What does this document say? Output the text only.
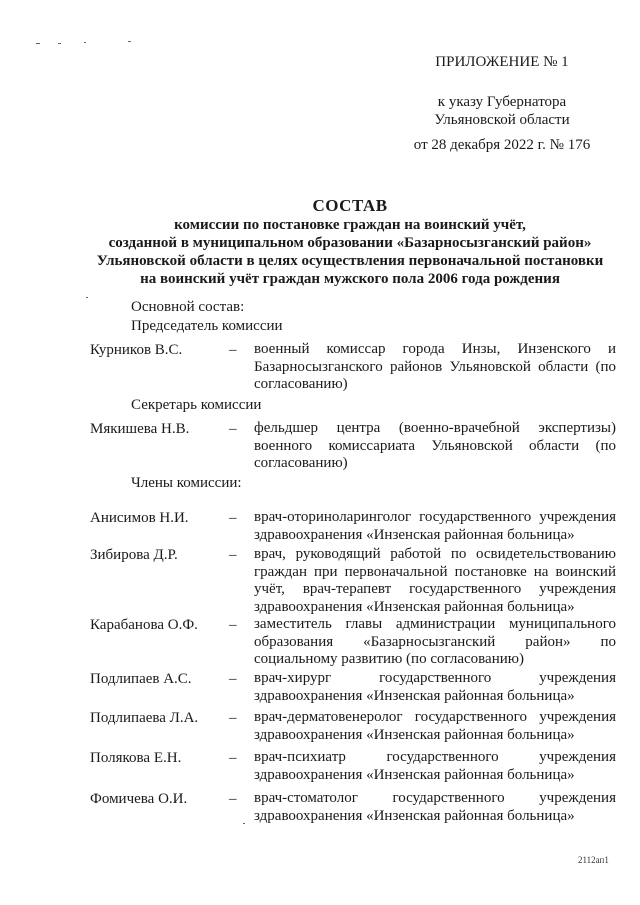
ПРИЛОЖЕНИЕ № 1
к указу Губернатора
Ульяновской области
от 28 декабря 2022 г. № 176
СОСТАВ
комиссии по постановке граждан на воинский учёт,
созданной в муниципальном образовании «Базарносызганский район»
Ульяновской области в целях осуществления первоначальной постановки
на воинский учёт граждан мужского пола 2006 года рождения
Основной состав:
Председатель комиссии
Курников В.С.	– военный комиссар города Инзы, Инзенского и Базарносызганского районов Ульяновской области (по согласованию)
Секретарь комиссии
Мякишева Н.В.	– фельдшер центра (военно-врачебной экспертизы) военного комиссариата Ульяновской области (по согласованию)
Члены комиссии:
Анисимов Н.И.	– врач-оториноларинголог государственного учреждения здравоохранения «Инзенская районная больница»
Зибирова Д.Р.	– врач, руководящий работой по освидетельствованию граждан при первоначальной постановке на воинский учёт, врач-терапевт государственного учреждения здравоохранения «Инзенская районная больница»
Карабанова О.Ф. – заместитель главы администрации муниципального образования «Базарносызганский район» по социальному развитию (по согласованию)
Подлипаев А.С. – врач-хирург государственного учреждения здравоохранения «Инзенская районная больница»
Подлипаева Л.А. – врач-дерматовенеролог государственного учреждения здравоохранения «Инзенская районная больница»
Полякова Е.Н.	– врач-психиатр государственного учреждения здравоохранения «Инзенская районная больница»
Фомичева О.И.	– врач-стоматолог государственного учреждения здравоохранения «Инзенская районная больница»
2112ап1
